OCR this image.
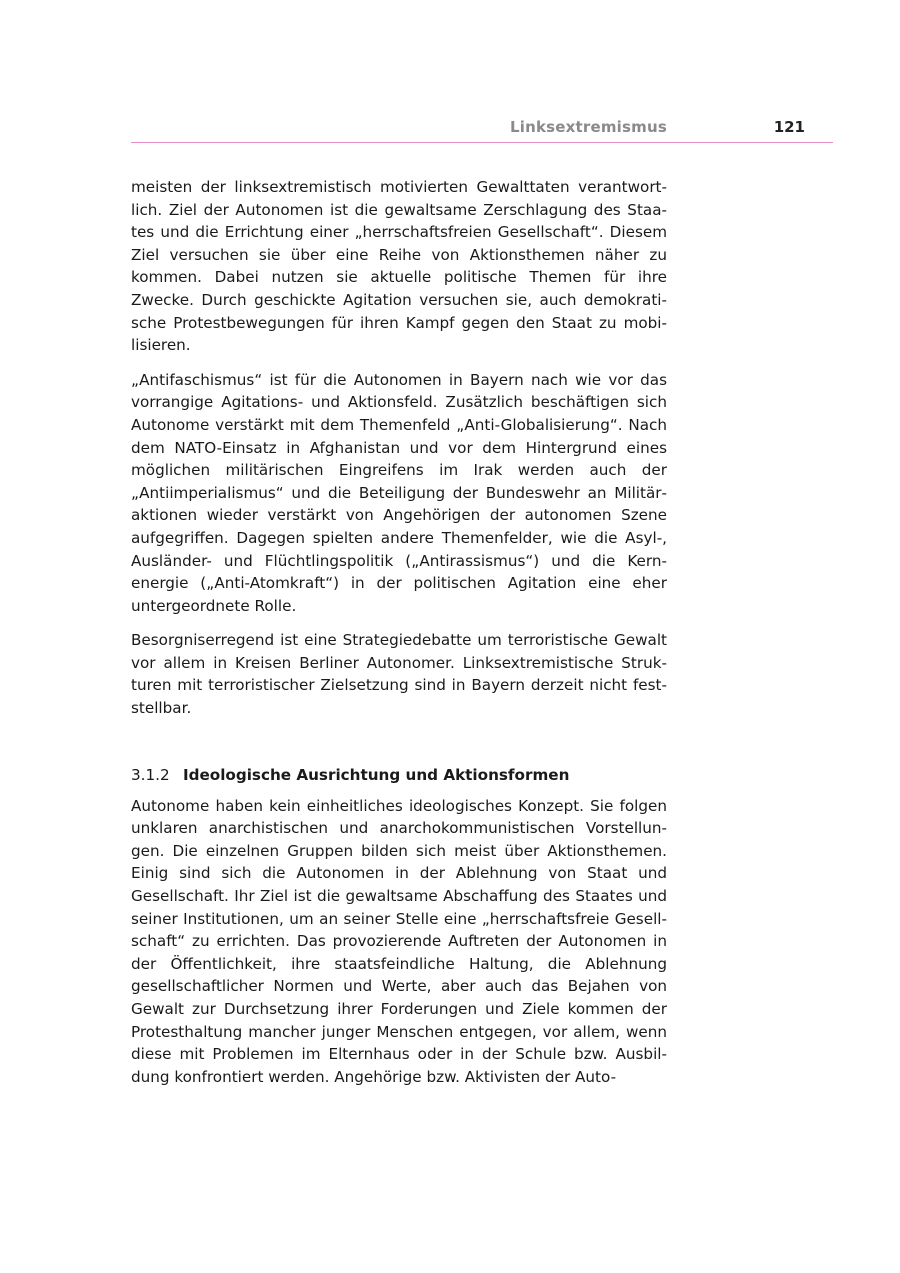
Linksextremismus	121

meisten der linksextremistisch motivierten Gewalttaten verantwortlich. Ziel der Autonomen ist die gewaltsame Zerschlagung des Staates und die Errichtung einer „herrschaftsfreien Gesellschaft“. Diesem Ziel versuchen sie über eine Reihe von Aktionsthemen näher zu kommen. Dabei nutzen sie aktuelle politische Themen für ihre Zwecke. Durch geschickte Agitation versuchen sie, auch demokratische Protestbewegungen für ihren Kampf gegen den Staat zu mobilisieren.

„Antifaschismus“ ist für die Autonomen in Bayern nach wie vor das vorrangige Agitations- und Aktionsfeld. Zusätzlich beschäftigen sich Autonome verstärkt mit dem Themenfeld „Anti-Globalisierung“. Nach dem NATO-Einsatz in Afghanistan und vor dem Hintergrund eines möglichen militärischen Eingreifens im Irak werden auch der „Antiimperialismus“ und die Beteiligung der Bundeswehr an Militäraktionen wieder verstärkt von Angehörigen der autonomen Szene aufgegriffen. Dagegen spielten andere Themenfelder, wie die Asyl-, Ausländer- und Flüchtlingspolitik („Antirassismus“) und die Kernenergie („Anti-Atomkraft“) in der politischen Agitation eine eher untergeordnete Rolle.

Besorgniserregend ist eine Strategiedebatte um terroristische Gewalt vor allem in Kreisen Berliner Autonomer. Linksextremistische Strukturen mit terroristischer Zielsetzung sind in Bayern derzeit nicht feststellbar.

3.1.2 Ideologische Ausrichtung und Aktionsformen

Autonome haben kein einheitliches ideologisches Konzept. Sie folgen unklaren anarchistischen und anarchokommunistischen Vorstellungen. Die einzelnen Gruppen bilden sich meist über Aktionsthemen. Einig sind sich die Autonomen in der Ablehnung von Staat und Gesellschaft. Ihr Ziel ist die gewaltsame Abschaffung des Staates und seiner Institutionen, um an seiner Stelle eine „herrschaftsfreie Gesellschaft“ zu errichten. Das provozierende Auftreten der Autonomen in der Öffentlichkeit, ihre staatsfeindliche Haltung, die Ablehnung gesellschaftlicher Normen und Werte, aber auch das Bejahen von Gewalt zur Durchsetzung ihrer Forderungen und Ziele kommen der Protesthaltung mancher junger Menschen entgegen, vor allem, wenn diese mit Problemen im Elternhaus oder in der Schule bzw. Ausbildung konfrontiert werden. Angehörige bzw. Aktivisten der Auto-
